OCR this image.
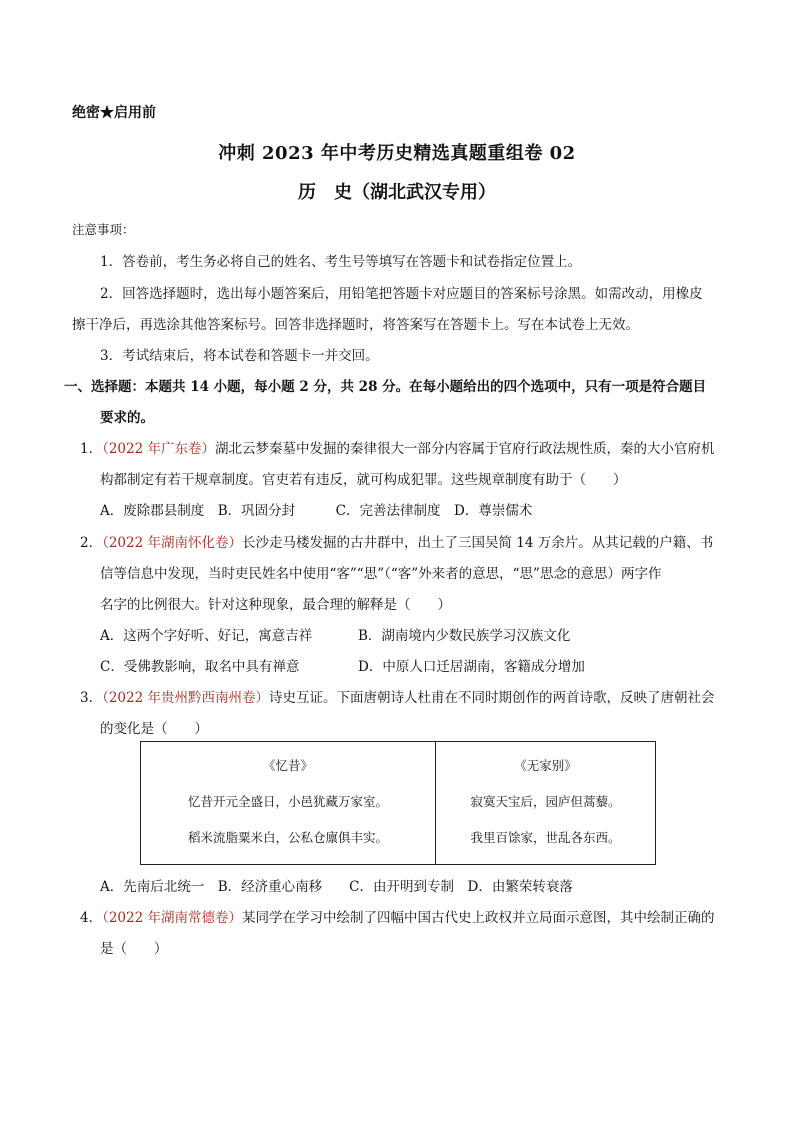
绝密★启用前
冲刺 2023 年中考历史精选真题重组卷 02
历　史（湖北武汉专用）
注意事项：
1．答卷前，考生务必将自己的姓名、考生号等填写在答题卡和试卷指定位置上。
2．回答选择题时，选出每小题答案后，用铅笔把答题卡对应题目的答案标号涂黑。如需改动，用橡皮
擦干净后，再选涂其他答案标号。回答非选择题时，将答案写在答题卡上。写在本试卷上无效。
3．考试结束后，将本试卷和答题卡一并交回。
一、选择题：本题共 14 小题，每小题 2 分，共 28 分。在每小题给出的四个选项中，只有一项是符合题目
要求的。
1．（2022 年广东卷）湖北云梦秦墓中发掘的秦律很大一部分内容属于官府行政法规性质，秦的大小官府机
构都制定有若干规章制度。官吏若有违反，就可构成犯罪。这些规章制度有助于（　　）
A．废除郡县制度　B．巩固分封　　　C．完善法律制度　D．尊崇儒术
2．（2022 年湖南怀化卷）长沙走马楼发掘的古井群中，出土了三国吴简 14 万余片。从其记载的户籍、书
信等信息中发现，当时吏民姓名中使用“客”“思”（“客”外来者的意思，“思”思念的意思）两字作
名字的比例很大。针对这种现象，最合理的解释是（　　）
A．这两个字好听、好记，寓意吉祥	B．湖南境内少数民族学习汉族文化
C．受佛教影响，取名中具有禅意	D．中原人口迁居湖南，客籍成分增加
3．（2022 年贵州黔西南州卷）诗史互证。下面唐朝诗人杜甫在不同时期创作的两首诗歌，反映了唐朝社会
的变化是（　　）
《忆昔》
忆昔开元全盛日，小邑犹藏万家室。
稻米流脂粟米白，公私仓廪俱丰实。

《无家别》
寂寞天宝后，园庐但蒿藜。
我里百馀家，世乱各东西。
A．先南后北统一　B．经济重心南移　　C．由开明到专制　D．由繁荣转衰落
4．（2022 年湖南常德卷）某同学在学习中绘制了四幅中国古代史上政权并立局面示意图，其中绘制正确的
是（　　）
